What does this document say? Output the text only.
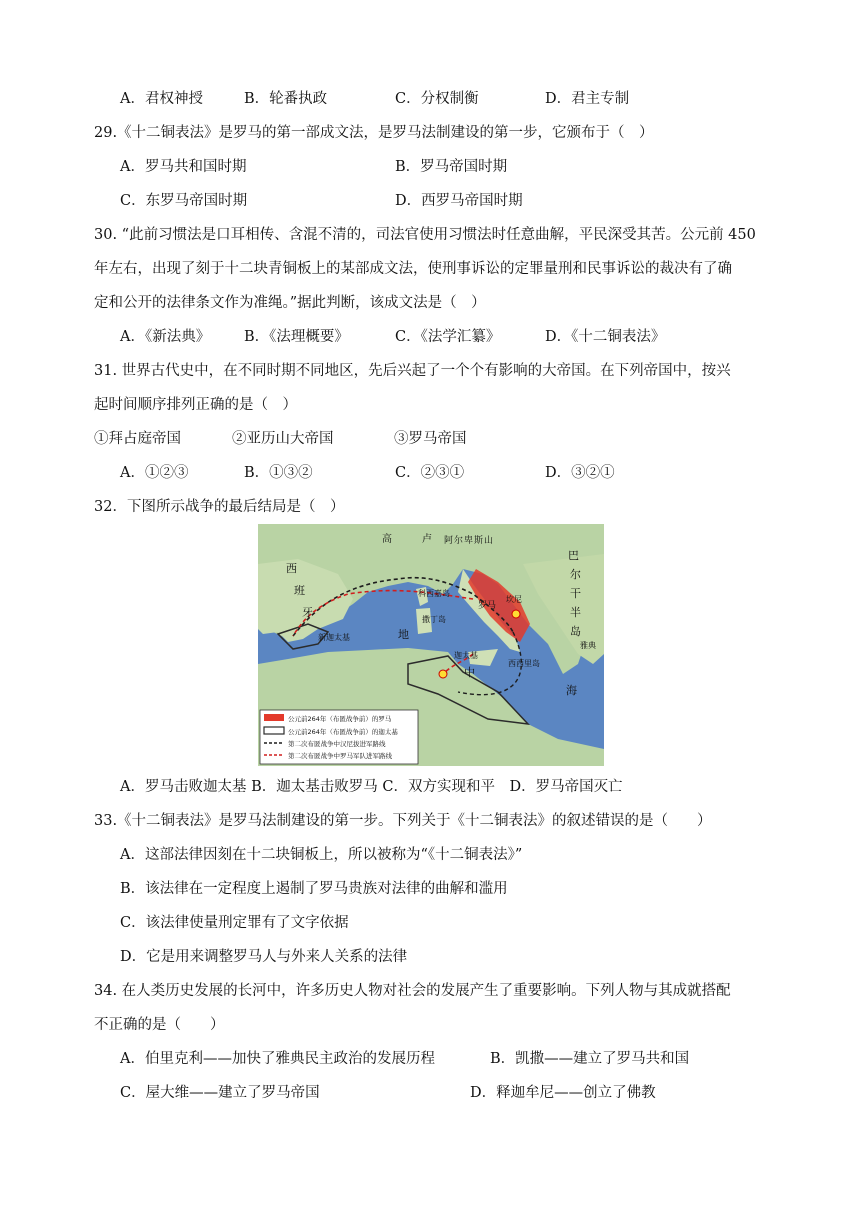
A．君权神授	B．轮番执政	C．分权制衡	D．君主专制
29.《十二铜表法》是罗马的第一部成文法，是罗马法制建设的第一步，它颁布于（　）
A．罗马共和国时期	B．罗马帝国时期
C．东罗马帝国时期	D．西罗马帝国时期
30. “此前习惯法是口耳相传、含混不清的，司法官使用习惯法时任意曲解，平民深受其苦。公元前 450
年左右，出现了刻于十二块青铜板上的某部成文法，使刑事诉讼的定罪量刑和民事诉讼的裁决有了确
定和公开的法律条文作为准绳。”据此判断，该成文法是（　）
A．《新法典》 B．《法理概要》	C．《法学汇纂》	D．《十二铜表法》
31. 世界古代史中，在不同时期不同地区，先后兴起了一个个有影响的大帝国。在下列帝国中，按兴
起时间顺序排列正确的是（　）
①拜占庭帝国	②亚历山大帝国	③罗马帝国
A．①②③	B．①③②	C．②③①	D．③②①
32．下图所示战争的最后结局是（　）
高	卢 阿 尔 卑 斯 山
西
班
牙
巴
尔
干
半
岛
科西嘉岛
撒丁岛
罗马
坎尼
新迦太基
迦太基
西西里岛
雅典
地
中
海
公元前264年（布匿战争前）的罗马
公元前264年（布匿战争前）的迦太基
第二次布匿战争中汉尼拔进军路线
第二次布匿战争中罗马军队进军路线
A．罗马击败迦太基 B．迦太基击败罗马 C．双方实现和平　D．罗马帝国灭亡
33.《十二铜表法》是罗马法制建设的第一步。下列关于《十二铜表法》的叙述错误的是（　　）
A．这部法律因刻在十二块铜板上，所以被称为“《十二铜表法》”
B．该法律在一定程度上遏制了罗马贵族对法律的曲解和滥用
C．该法律使量刑定罪有了文字依据
D．它是用来调整罗马人与外来人关系的法律
34. 在人类历史发展的长河中，许多历史人物对社会的发展产生了重要影响。下列人物与其成就搭配
不正确的是（　　）
A．伯里克利——加快了雅典民主政治的发展历程	B．凯撒——建立了罗马共和国
C．屋大维——建立了罗马帝国	D．释迦牟尼——创立了佛教
